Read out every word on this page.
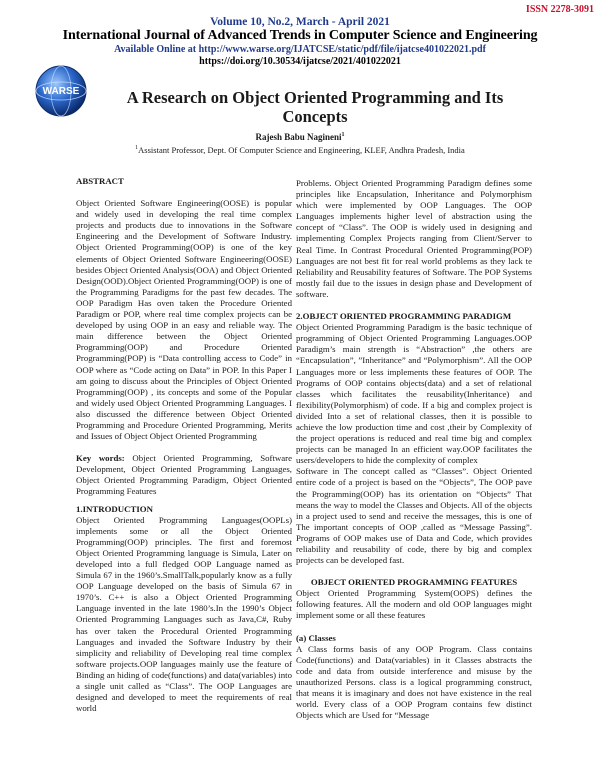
ISSN 2278-3091
Volume 10, No.2, March - April 2021
International Journal of Advanced Trends in Computer Science and Engineering
Available Online at http://www.warse.org/IJATCSE/static/pdf/file/ijatcse401022021.pdf
https://doi.org/10.30534/ijatcse/2021/401022021
WARSE	A Research on Object Oriented Programming and Its Concepts
Rajesh Babu Nagineni$^1$
$^1$Assistant Professor, Dept. Of Computer Science and Engineering, KLEF, Andhra Pradesh, India

ABSTRACT

Object Oriented Software Engineering(OOSE) is popular and widely used in developing the real time complex projects and products due to innovations in the Software Engineering and the Development of Software Industry. Object Oriented Programming(OOP) is one of the key elements of Object Oriented Software Engineering(OOSE) besides Object Oriented Analysis(OOA) and Object Oriented Design(OOD).Object Oriented Programming(OOP) is one of the Programming Paradigms for the past few decades. The OOP Paradigm Has oven taken the Procedure Oriented Paradigm or POP, where real time complex projects can be developed by using OOP in an easy and reliable way. The main difference between the Object Oriented Programming(OOP) and Procedure Oriented Programming(POP) is “Data controlling access to Code” in OOP where as “Code acting on Data” in POP. In this Paper I am going to discuss about the Principles of Object Oriented Programming(OOP) , its concepts and some of the Popular and widely used Object Oriented Programming Languages. I also discussed the difference between Object Oriented Programming and Procedure Oriented Programming, Merits and Issues of Object Object Oriented Programming

Key words: Object Oriented Programming, Software Development, Object Oriented Programming Languages, Object Oriented Programming Paradigm, Object Oriented Programming Features

1.INTRODUCTION

Object Oriented Programming Languages(OOPLs) implements some or all the Object Oriented Programming(OOP) principles. The first and foremost Object Oriented Programming language is Simula, Later on developed into a full fledged OOP Language named as Simula 67 in the 1960’s.SmallTalk,popularly know as a fully OOP Language developed on the basis of Simula 67 in 1970’s. C++ is also a Object Oriented Programming Language invented in the late 1980’s.In the 1990’s Object Oriented Programming Languages such as Java,C#, Ruby has over taken the Procedural Oriented Programming Languages and invaded the Software Industry by their simplicity and reliability of Developing real time complex software projects.OOP languages mainly use the feature of Binding an hiding of code(functions) and data(variables) into a single unit called as “Class”. The OOP Languages are designed and developed to meet the requirements of real world

Problems. Object Oriented Programming Paradigm defines some principles like Encapsulation, Inheritance and Polymorphism which were implemented by OOP Languages. The OOP Languages implements higher level of abstraction using the concept of “Class”. The OOP is widely used in designing and implementing Complex Projects ranging from Client/Server to Real Time. In Contrast Procedural Oriented Programming(POP) Languages are not best fit for real world problems as they lack te Reliability and Reusability features of Software. The POP Systems mostly fail due to the issues in design phase and Development of software.

2.OBJECT ORIENTED PROGRAMMING PARADIGM

Object Oriented Programming Paradigm is the basic technique of programming of Object Oriented Programming Languages.OOP Paradigm’s main strength is “Abstraction” ,the others are “Encapsulation”, ”Inheritance” and “Polymorphism”. All the OOP Languages more or less implements these features of OOP. The Programs of OOP contains objects(data) and a set of relational classes which facilitates the reusability(Inheritance) and flexibility(Polymorphism) of code. If a big and complex project is divided Into a set of relational classes, then it is possible to achieve the low production time and cost ,their by Complexity of the project operations is reduced and real time big and complex projects can be managed In an efficient way.OOP facilitates the users/developers to hide the complexity of complex

Software in The concept called as “Classes”. Object Oriented entire code of a project is based on the “Objects”, The OOP pave the Programming(OOP) has its orientation on “Objects” That means the way to model the Classes and Objects. All of the objects in a project used to send and receive the messages, this is one of The important concepts of OOP ,called as “Message Passing”. Programs of OOP makes use of Data and Code, which provides reliability and reusability of code, there by big and complex projects can be developed fast.

OBJECT ORIENTED PROGRAMMING FEATURES

Object Oriented Programming System(OOPS) defines the following features. All the modern and old OOP languages might implement some or all these features

(a) Classes

A Class forms basis of any OOP Program. Class contains Code(functions) and Data(variables) in it Classes abstracts the code and data from outside interference and misuse by the unauthorized Persons. class is a logical programming construct, that means it is imaginary and does not have existence in the real world. Every class of a OOP Program contains few distinct Objects which are Used for “Message
